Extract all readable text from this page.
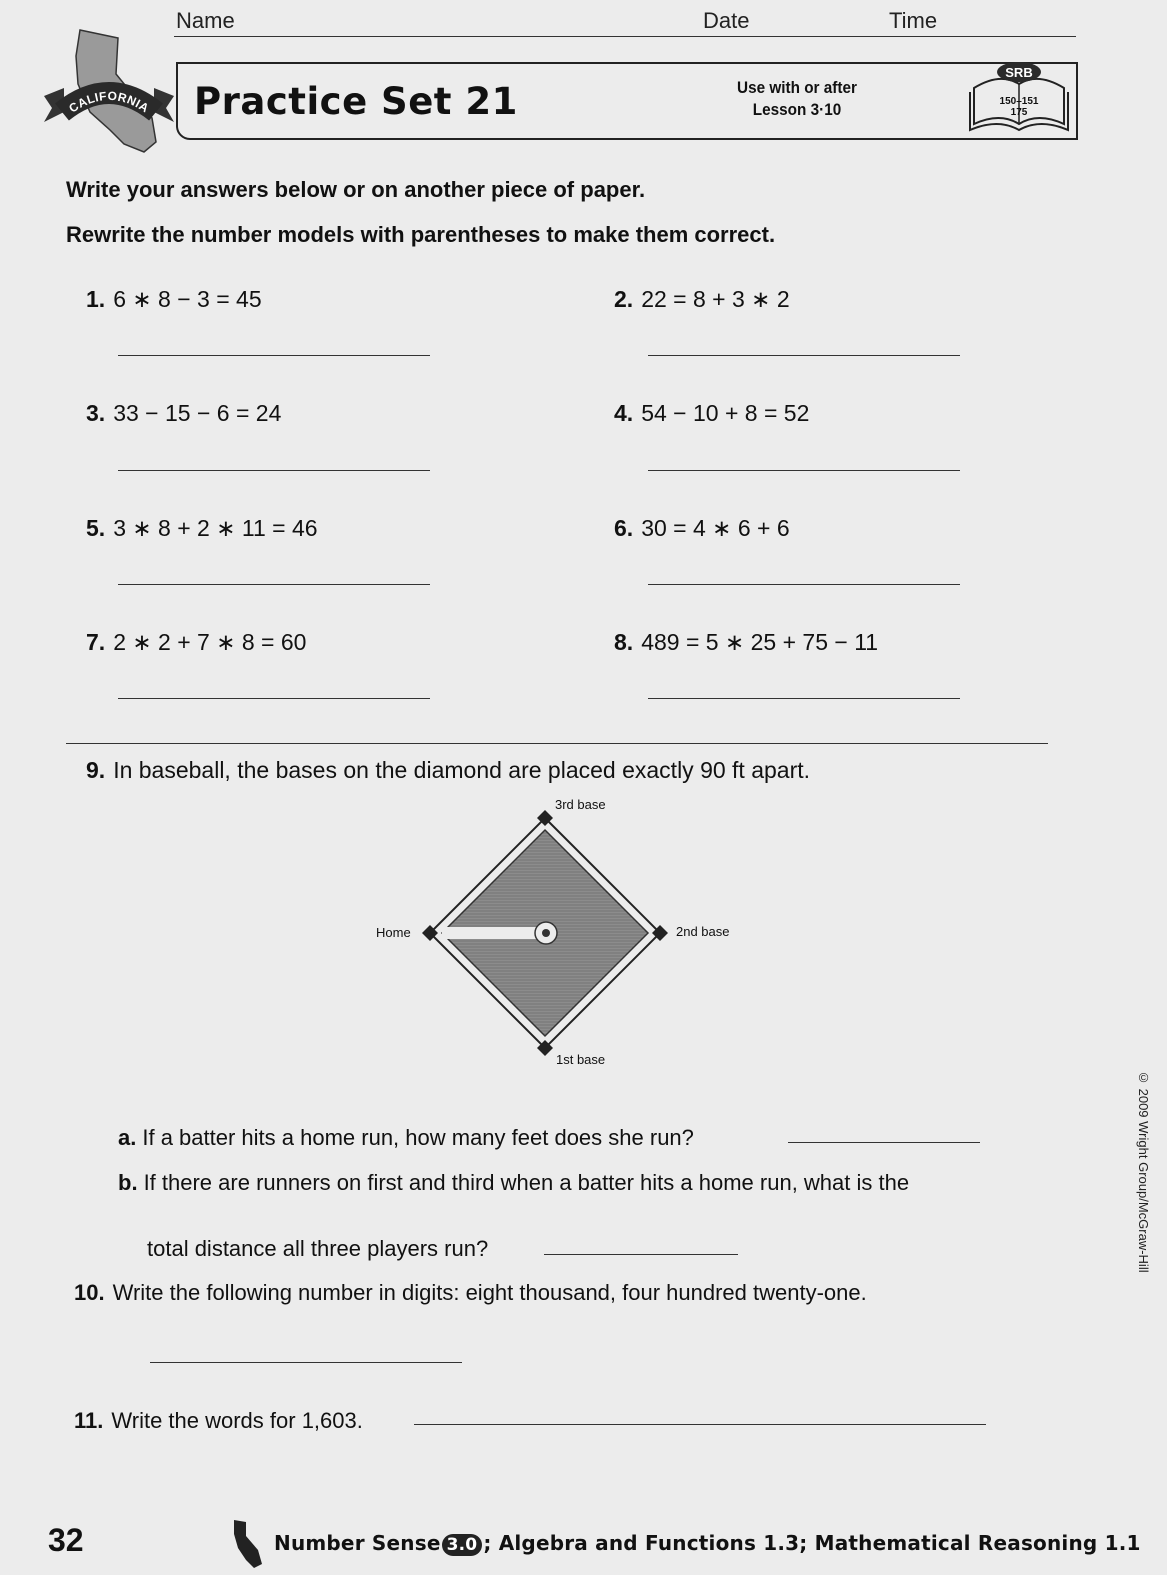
Name	Date	Time
CALIFORNIA Practice Set 21	Use with or after
Lesson 3·10
SRB
150–151
175
Write your answers below or on another piece of paper.
Rewrite the number models with parentheses to make them correct.
1. 6 ∗ 8 − 3 = 45	2. 22 = 8 + 3 ∗ 2
3. 33 − 15 − 6 = 24	4. 54 − 10 + 8 = 52
5. 3 ∗ 8 + 2 ∗ 11 = 46	6. 30 = 4 ∗ 6 + 6
7. 2 ∗ 2 + 7 ∗ 8 = 60	8. 489 = 5 ∗ 25 + 75 − 11
9. In baseball, the bases on the diamond are placed exactly 90 ft apart.
3rd base
Home	2nd base
1st base
a. If a batter hits a home run, how many feet does she run?
b. If there are runners on first and third when a batter hits a home run, what is the
total distance all three players run?
10. Write the following number in digits: eight thousand, four hundred twenty-one.
11. Write the words for 1,603.
© 2009 Wright Group/McGraw-Hill
32	Number Sense 3.0 ; Algebra and Functions 1.3; Mathematical Reasoning 1.1
